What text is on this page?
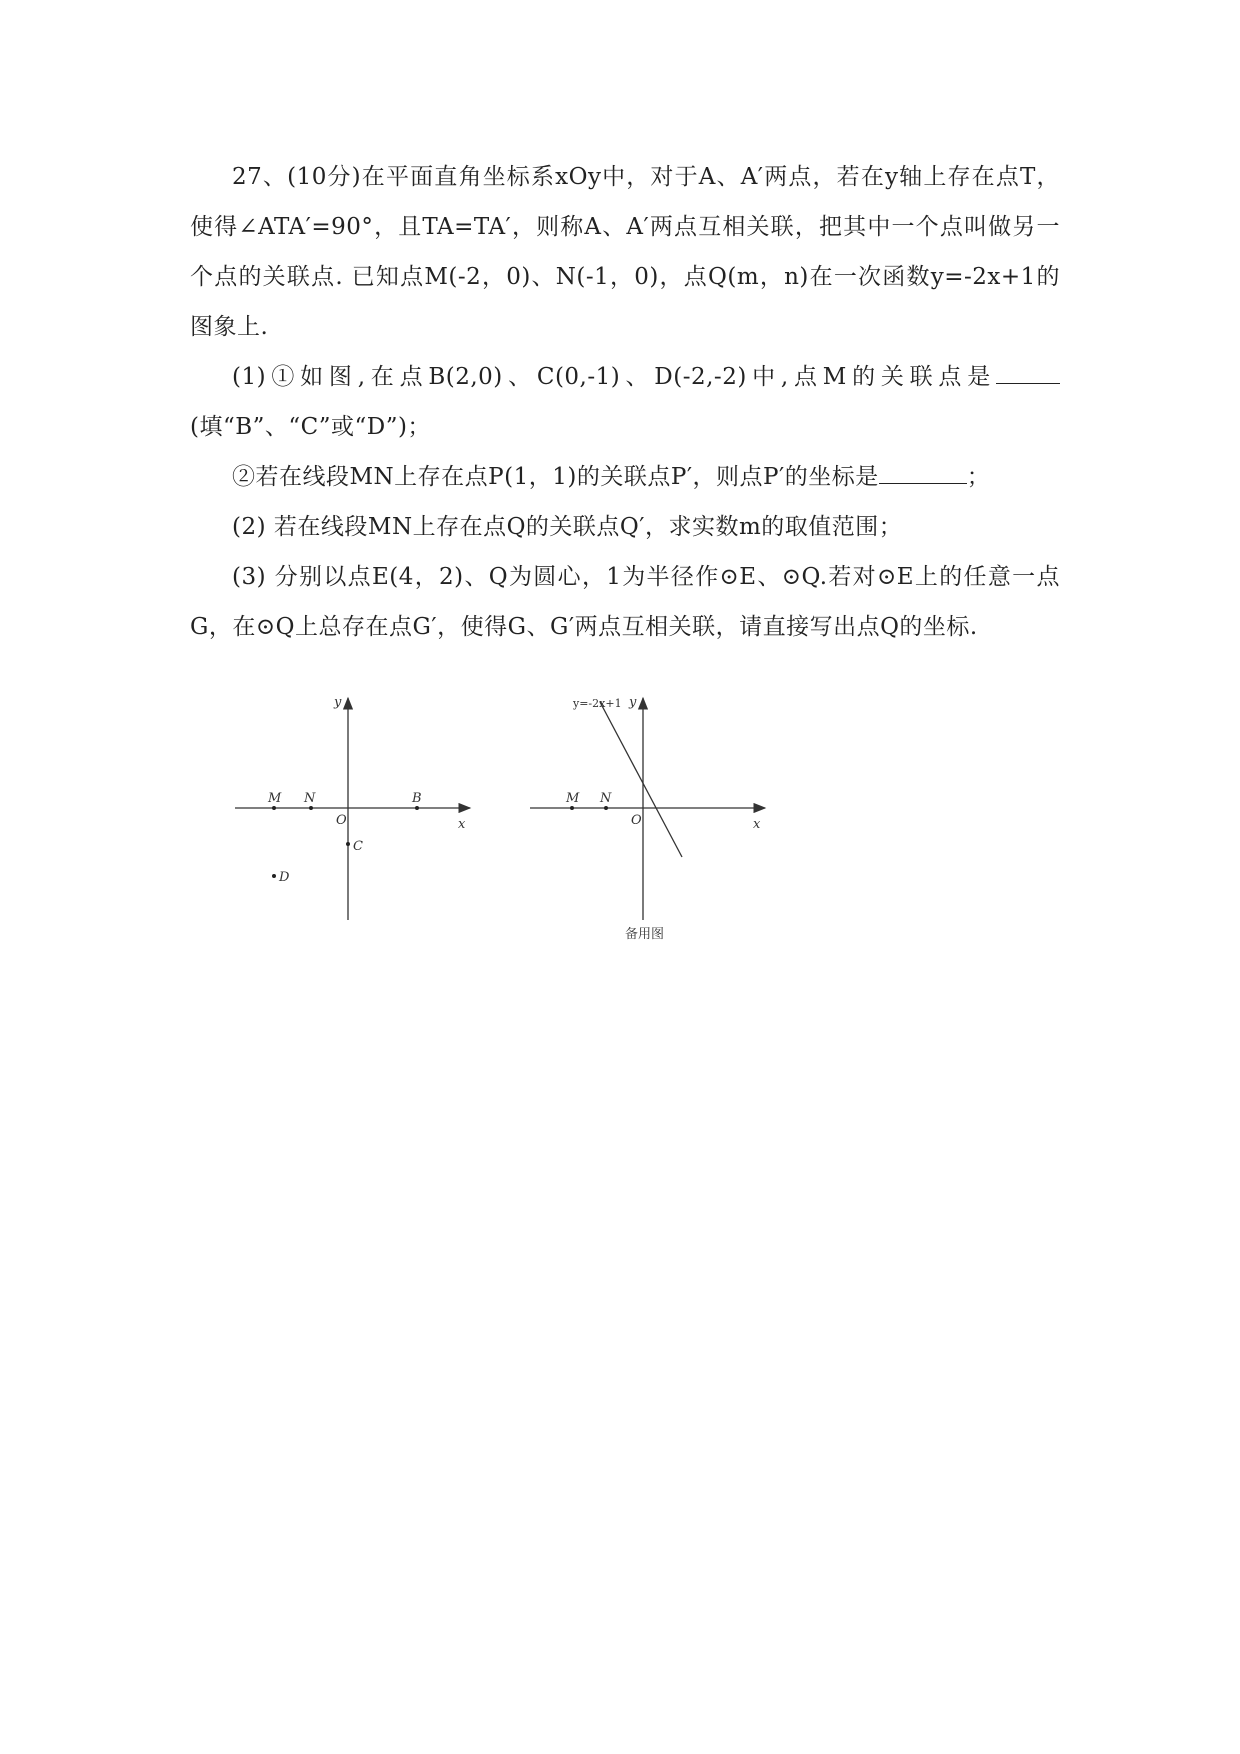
27、(10分)在平面直角坐标系xOy中，对于A、A′两点，若在y轴上存在点T，使得∠ATA′=90°，且TA=TA′，则称A、A′两点互相关联，把其中一个点叫做另一个点的关联点. 已知点M(-2，0)、N(-1，0)，点Q(m，n)在一次函数y=-2x+1的图象上.

(1)①如图,在点B(2,0)、C(0,-1)、D(-2,-2)中,点M的关联点是(填“B”、“C”或“D”)；

②若在线段MN上存在点P(1，1)的关联点P′，则点P′的坐标是	；

(2) 若在线段MN上存在点Q的关联点Q′，求实数m的取值范围；

(3) 分别以点E(4，2)、Q为圆心，1为半径作⊙E、⊙Q.若对⊙E上的任意一点G，在⊙Q上总存在点G′，使得G、G′两点互相关联，请直接写出点Q的坐标.

y
x
O
M N	B
C
D
y
x
O
y=-2x+1
M N
备用图
